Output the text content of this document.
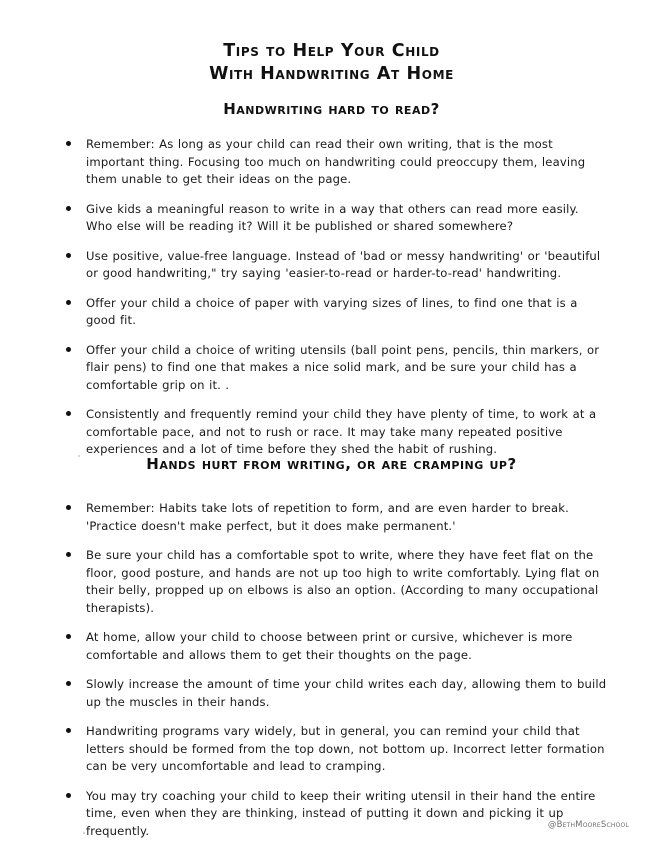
Tips to Help Your Child
With Handwriting At Home
Handwriting hard to read?
Remember: As long as your child can read their own writing, that is the most important thing. Focusing too much on handwriting could preoccupy them, leaving them unable to get their ideas on the page.
Give kids a meaningful reason to write in a way that others can read more easily. Who else will be reading it? Will it be published or shared somewhere?
Use positive, value-free language. Instead of 'bad or messy handwriting' or 'beautiful or good handwriting," try saying 'easier-to-read or harder-to-read' handwriting.
Offer your child a choice of paper with varying sizes of lines, to find one that is a good fit.
Offer your child a choice of writing utensils (ball point pens, pencils, thin markers, or flair pens) to find one that makes a nice solid mark, and be sure your child has a comfortable grip on it. .
Consistently and frequently remind your child they have plenty of time, to work at a comfortable pace, and not to rush or race. It may take many repeated positive experiences and a lot of time before they shed the habit of rushing.
Hands hurt from writing, or are cramping up?
Remember: Habits take lots of repetition to form, and are even harder to break. 'Practice doesn't make perfect, but it does make permanent.'
Be sure your child has a comfortable spot to write, where they have feet flat on the floor, good posture, and hands are not up too high to write comfortably. Lying flat on their belly, propped up on elbows is also an option. (According to many occupational therapists).
At home, allow your child to choose between print or cursive, whichever is more comfortable and allows them to get their thoughts on the page.
Slowly increase the amount of time your child writes each day, allowing them to build up the muscles in their hands.
Handwriting programs vary widely, but in general, you can remind your child that letters should be formed from the top down, not bottom up. Incorrect letter formation can be very uncomfortable and lead to cramping.
You may try coaching your child to keep their writing utensil in their hand the entire time, even when they are thinking, instead of putting it down and picking it up frequently.	@BethMooreSchool
